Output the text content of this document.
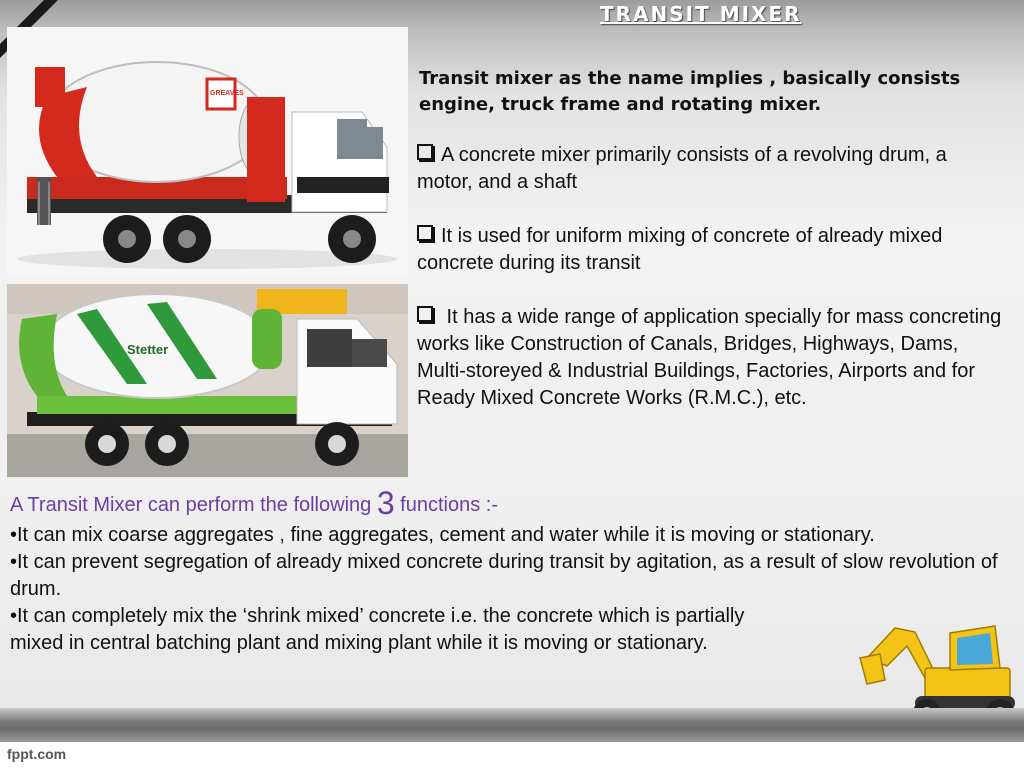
TRANSIT MIXER
GREAVES
Stetter
Transit mixer as the name implies , basically consists engine, truck frame and rotating mixer.
A concrete mixer primarily consists of a revolving drum, a motor, and a shaft
It is used for uniform mixing of concrete of already mixed concrete during its transit
It has a wide range of application specially for mass concreting works like Construction of Canals, Bridges, Highways, Dams, Multi-storeyed & Industrial Buildings, Factories, Airports and for Ready Mixed Concrete Works (R.M.C.), etc.
A Transit Mixer can perform the following 3 functions :-
•It can mix coarse aggregates , fine aggregates, cement and water while it is moving or stationary.
•It can prevent segregation of already mixed concrete during transit by agitation, as a result of slow revolution of drum.
•It can completely mix the ‘shrink mixed’ concrete i.e. the concrete which is partially mixed in central batching plant and mixing plant while it is moving or stationary.
fppt.com
